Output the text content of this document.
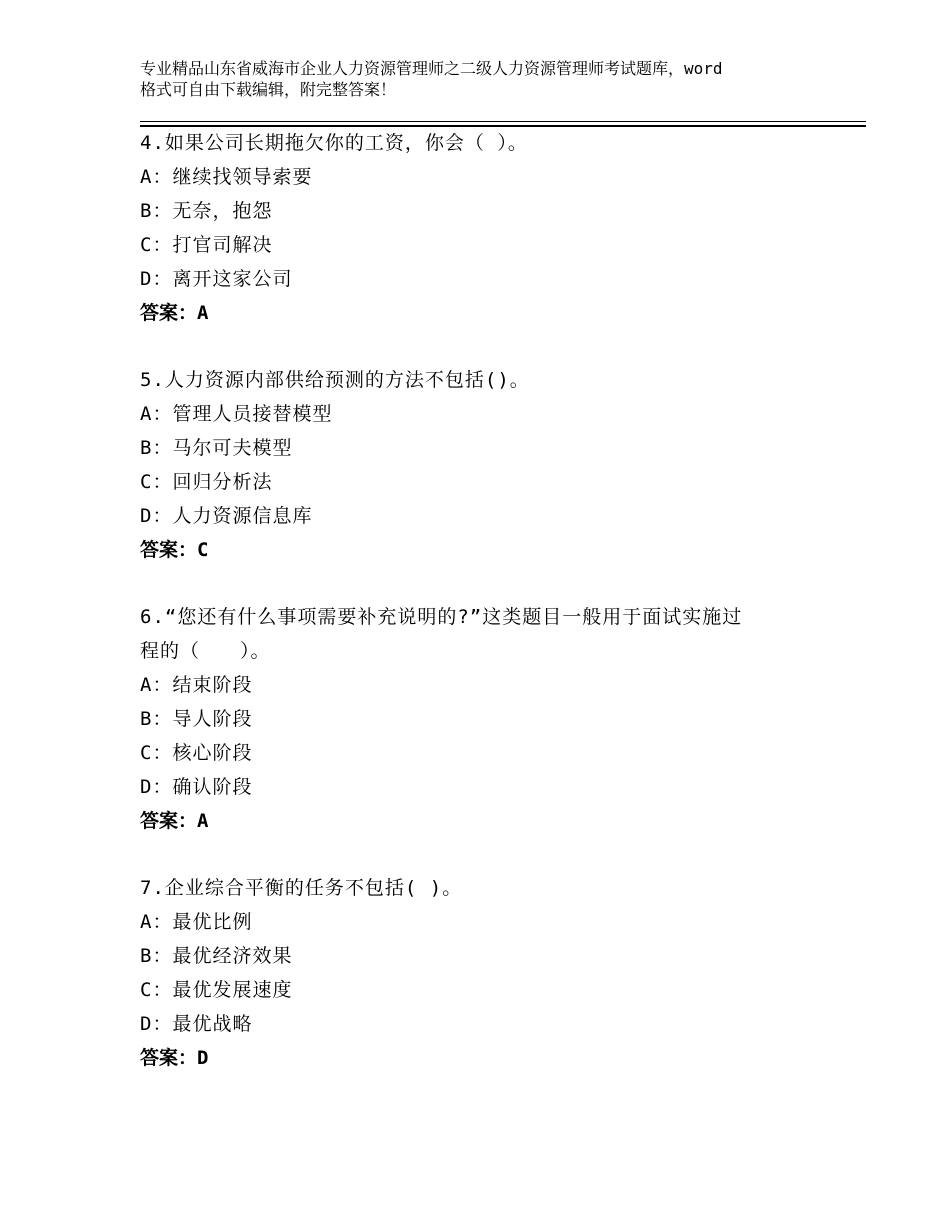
专业精品山东省威海市企业人力资源管理师之二级人力资源管理师考试题库，word
格式可自由下载编辑，附完整答案！
4.如果公司长期拖欠你的工资，你会（ ）。
A：继续找领导索要
B：无奈，抱怨
C：打官司解决
D：离开这家公司
答案：A
5.人力资源内部供给预测的方法不包括()。
A：管理人员接替模型
B：马尔可夫模型
C：回归分析法
D：人力资源信息库
答案：C
6.“您还有什么事项需要补充说明的?”这类题目一般用于面试实施过
程的（　　）。
A：结束阶段
B：导人阶段
C：核心阶段
D：确认阶段
答案：A
7.企业综合平衡的任务不包括( )。
A：最优比例
B：最优经济效果
C：最优发展速度
D：最优战略
答案：D
